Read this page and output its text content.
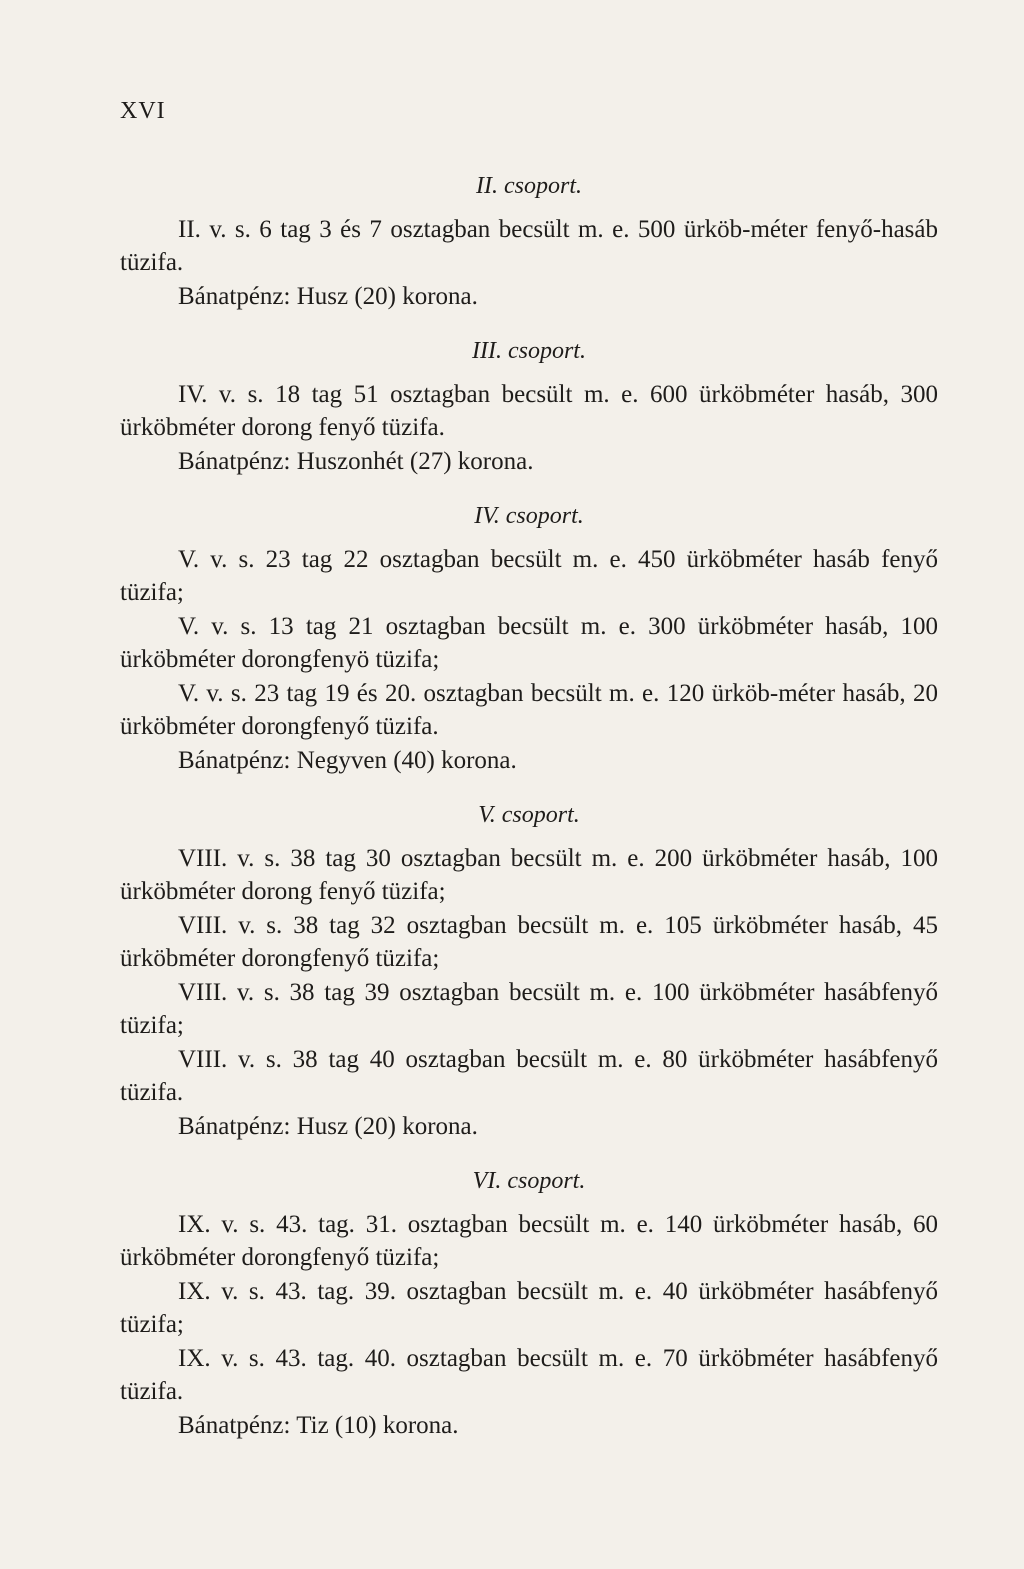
XVI

II. csoport.

II. v. s. 6 tag 3 és 7 osztagban becsült m. e. 500 ürköb-méter fenyő-hasáb tüzifa.

Bánatpénz: Husz (20) korona.

III. csoport.

IV. v. s. 18 tag 51 osztagban becsült m. e. 600 ürköbméter hasáb, 300 ürköbméter dorong fenyő tüzifa.

Bánatpénz: Huszonhét (27) korona.

IV. csoport.

V. v. s. 23 tag 22 osztagban becsült m. e. 450 ürköbméter hasáb fenyő tüzifa;

V. v. s. 13 tag 21 osztagban becsült m. e. 300 ürköbméter hasáb, 100 ürköbméter dorongfenyö tüzifa;

V. v. s. 23 tag 19 és 20. osztagban becsült m. e. 120 ürköb-méter hasáb, 20 ürköbméter dorongfenyő tüzifa.

Bánatpénz: Negyven (40) korona.

V. csoport.

VIII. v. s. 38 tag 30 osztagban becsült m. e. 200 ürköbméter hasáb, 100 ürköbméter dorong fenyő tüzifa;

VIII. v. s. 38 tag 32 osztagban becsült m. e. 105 ürköbméter hasáb, 45 ürköbméter dorongfenyő tüzifa;

VIII. v. s. 38 tag 39 osztagban becsült m. e. 100 ürköbméter hasábfenyő tüzifa;

VIII. v. s. 38 tag 40 osztagban becsült m. e. 80 ürköbméter hasábfenyő tüzifa.

Bánatpénz: Husz (20) korona.

VI. csoport.

IX. v. s. 43. tag. 31. osztagban becsült m. e. 140 ürköbméter hasáb, 60 ürköbméter dorongfenyő tüzifa;

IX. v. s. 43. tag. 39. osztagban becsült m. e. 40 ürköbméter hasábfenyő tüzifa;

IX. v. s. 43. tag. 40. osztagban becsült m. e. 70 ürköbméter hasábfenyő tüzifa.

Bánatpénz: Tiz (10) korona.
